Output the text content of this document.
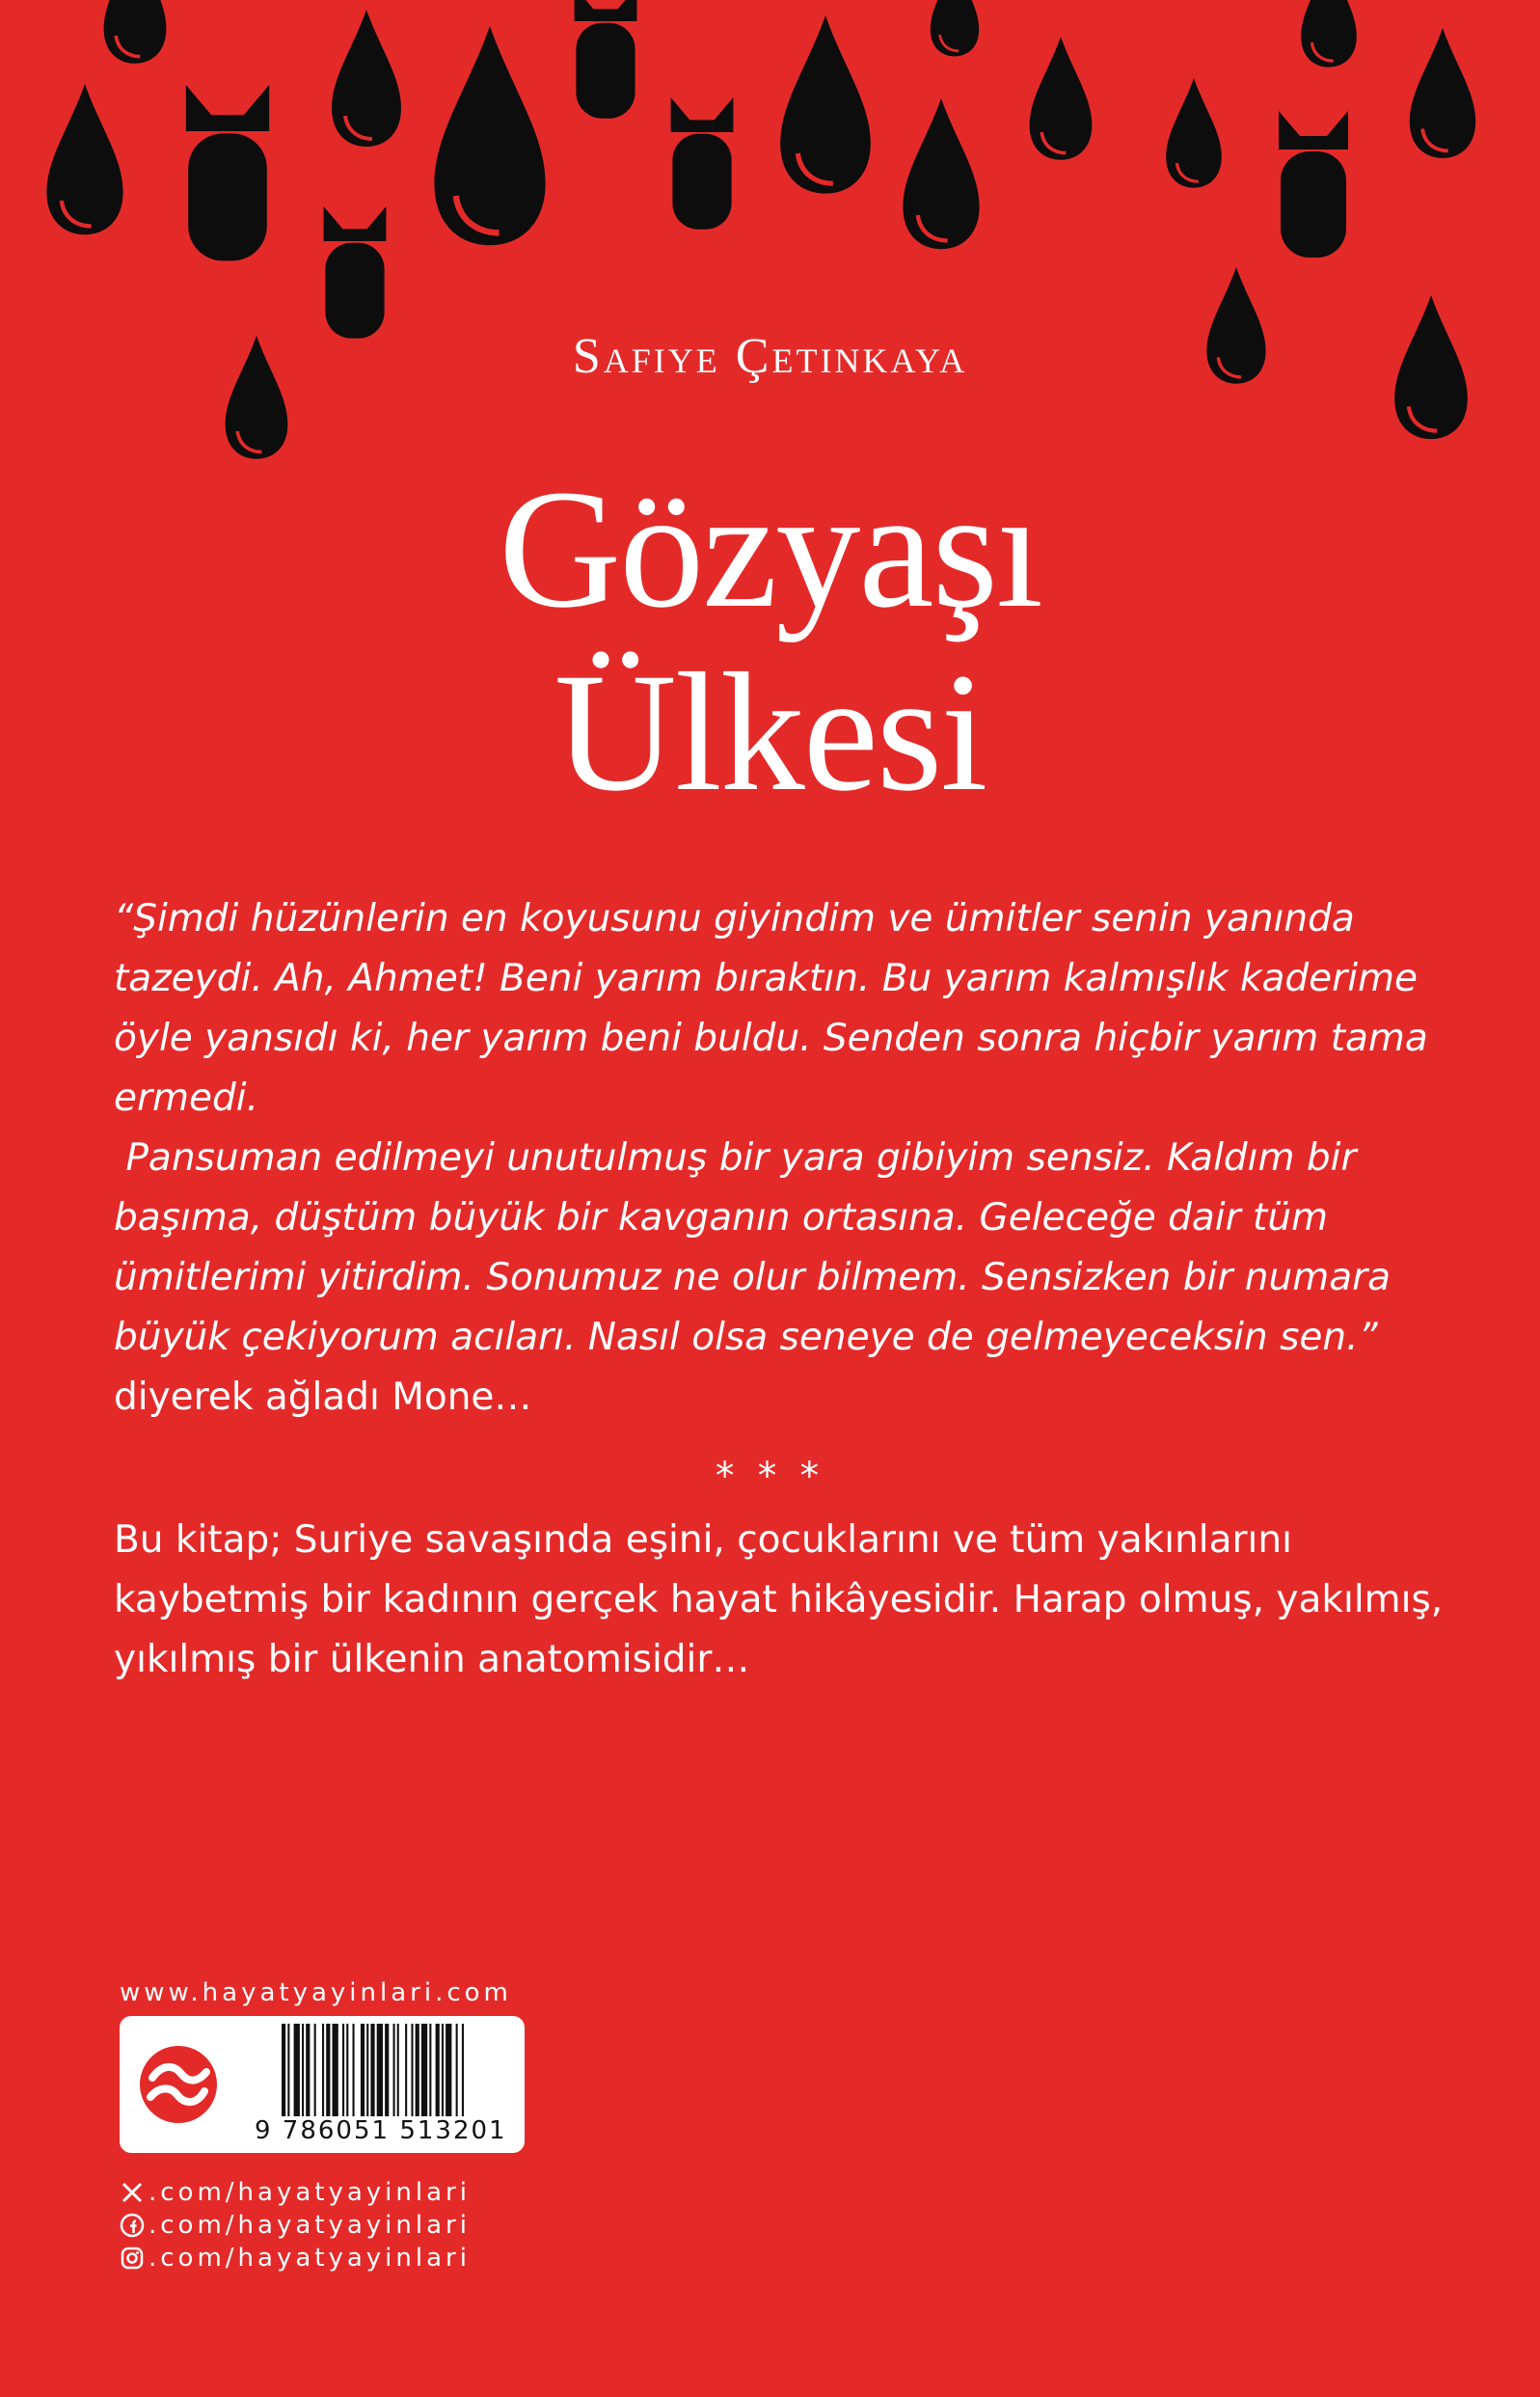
Safiye Çetinkaya
Gözyaşı
Ülkesi

“Şimdi hüzünlerin en koyusunu giyindim ve ümitler senin yanında tazeydi. Ah, Ahmet! Beni yarım bıraktın. Bu yarım kalmışlık kaderime öyle yansıdı ki, her yarım beni buldu. Senden sonra hiçbir yarım tama ermedi.

Pansuman edilmeyi unutulmuş bir yara gibiyim sensiz. Kaldım bir başıma, düştüm büyük bir kavganın ortasına. Geleceğe dair tüm ümitlerimi yitirdim. Sonumuz ne olur bilmem. Sensizken bir numara büyük çekiyorum acıları. Nasıl olsa seneye de gelmeyeceksin sen.” diyerek ağladı Mone…

* * *

Bu kitap; Suriye savaşında eşini, çocuklarını ve tüm yakınlarını kaybetmiş bir kadının gerçek hayat hikâyesidir. Harap olmuş, yakılmış, yıkılmış bir ülkenin anatomisidir…

www.hayatyayinlari.com
9 786051 513201
.com/hayatyayinlari
.com/hayatyayinlari
.com/hayatyayinlari
